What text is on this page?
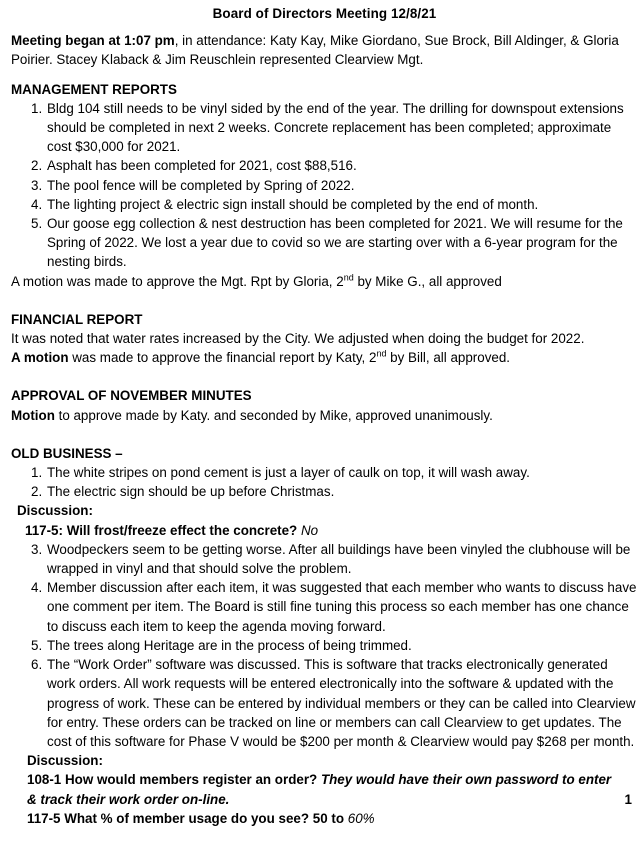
Board of Directors Meeting 12/8/21

Meeting began at 1:07 pm, in attendance: Katy Kay, Mike Giordano, Sue Brock, Bill Aldinger, & Gloria Poirier. Stacey Klaback & Jim Reuschlein represented Clearview Mgt.

MANAGEMENT REPORTS
1. Bldg 104 still needs to be vinyl sided by the end of the year. The drilling for downspout extensions should be completed in next 2 weeks. Concrete replacement has been completed; approximate cost $30,000 for 2021.
2. Asphalt has been completed for 2021, cost $88,516.
3. The pool fence will be completed by Spring of 2022.
4. The lighting project & electric sign install should be completed by the end of month.
5. Our goose egg collection & nest destruction has been completed for 2021. We will resume for the Spring of 2022. We lost a year due to covid so we are starting over with a 6-year program for the nesting birds.

A motion was made to approve the Mgt. Rpt by Gloria, 2nd by Mike G., all approved

FINANCIAL REPORT

It was noted that water rates increased by the City. We adjusted when doing the budget for 2022.

A motion was made to approve the financial report by Katy, 2nd by Bill, all approved.

APPROVAL OF NOVEMBER MINUTES

Motion to approve made by Katy. and seconded by Mike, approved unanimously.

OLD BUSINESS –
1. The white stripes on pond cement is just a layer of caulk on top, it will wash away.
2. The electric sign should be up before Christmas.
Discussion:
117-5: Will frost/freeze effect the concrete? No
3. Woodpeckers seem to be getting worse. After all buildings have been vinyled the clubhouse will be wrapped in vinyl and that should solve the problem.
4. Member discussion after each item, it was suggested that each member who wants to discuss have one comment per item. The Board is still fine tuning this process so each member has one chance to discuss each item to keep the agenda moving forward.
5. The trees along Heritage are in the process of being trimmed.
6. The “Work Order” software was discussed. This is software that tracks electronically generated work orders. All work requests will be entered electronically into the software & updated with the progress of work. These can be entered by individual members or they can be called into Clearview for entry. These orders can be tracked on line or members can call Clearview to get updates. The cost of this software for Phase V would be $200 per month & Clearview would pay $268 per month.
Discussion:
108-1 How would members register an order? They would have their own password to enter & track their work order on-line.	1
117-5 What % of member usage do you see? 50 to 60%
